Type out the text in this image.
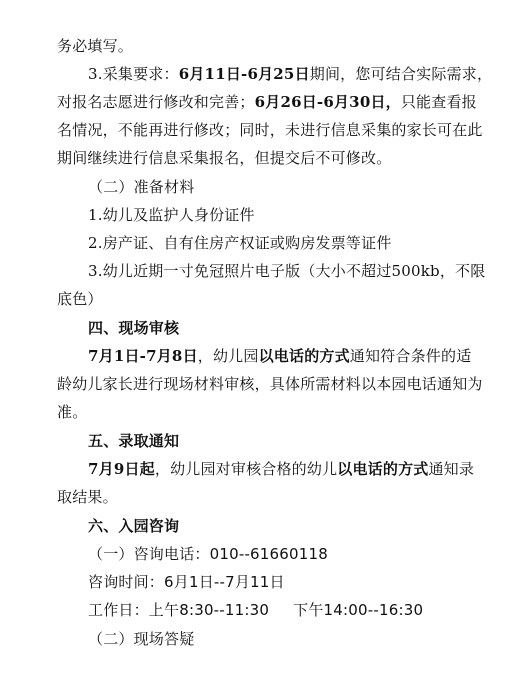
务必填写。
3.采集要求：6月11日-6月25日期间，您可结合实际需求，
对报名志愿进行修改和完善；6月26日-6月30日，只能查看报
名情况，不能再进行修改；同时，未进行信息采集的家长可在此
期间继续进行信息采集报名，但提交后不可修改。
（二）准备材料
1.幼儿及监护人身份证件
2.房产证、自有住房产权证或购房发票等证件
3.幼儿近期一寸免冠照片电子版（大小不超过500kb，不限
底色）
四、现场审核
7月1日-7月8日，幼儿园以电话的方式通知符合条件的适
龄幼儿家长进行现场材料审核，具体所需材料以本园电话通知为
准。
五、录取通知
7月9日起，幼儿园对审核合格的幼儿以电话的方式通知录
取结果。
六、入园咨询
（一）咨询电话：010--61660118
咨询时间：6月1日--7月11日
工作日：上午8:30--11:30 下午14:00--16:30
（二）现场答疑
